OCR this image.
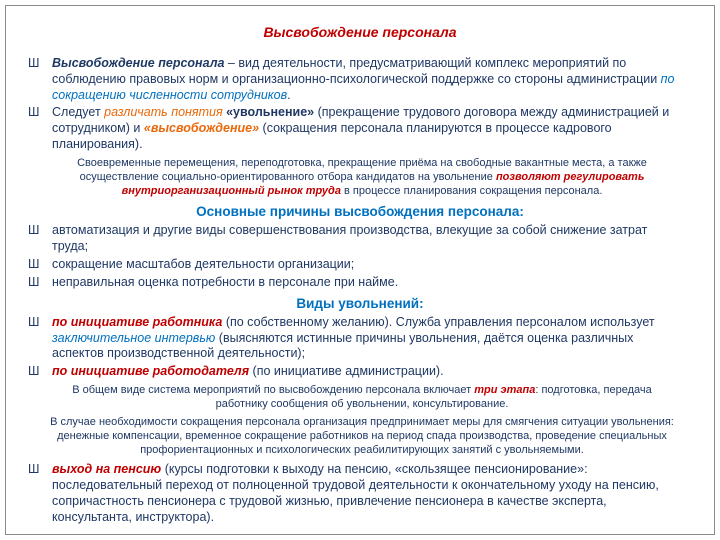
Высвобождение персонала
Ш	Высвобождение персонала – вид деятельности, предусматривающий комплекс мероприятий по соблюдению правовых норм и организационно-психологической поддержке со стороны администрации по сокращению численности сотрудников.
Ш	Следует различать понятия «увольнение» (прекращение трудового договора между администрацией и сотрудником) и «высвобождение» (сокращения персонала планируются в процессе кадрового планирования).
Своевременные перемещения, переподготовка, прекращение приёма на свободные вакантные места, а также осуществление социально-ориентированного отбора кандидатов на увольнение позволяют регулировать внутриорганизационный рынок труда в процессе планирования сокращения персонала.
Основные причины высвобождения персонала:
Ш	автоматизация и другие виды совершенствования производства, влекущие за собой снижение затрат труда;
Ш	сокращение масштабов деятельности организации;
Ш	неправильная оценка потребности в персонале при найме.
Виды увольнений:
Ш	по инициативе работника (по собственному желанию). Служба управления персоналом использует заключительное интервью (выясняются истинные причины увольнения, даётся оценка различных аспектов производственной деятельности);
Ш	по инициативе работодателя (по инициативе администрации).
В общем виде система мероприятий по высвобождению персонала включает три этапа: подготовка, передача работнику сообщения об увольнении, консультирование.
В случае необходимости сокращения персонала организация предпринимает меры для смягчения ситуации увольнения: денежные компенсации, временное сокращение работников на период спада производства, проведение специальных профориентационных и психологических реабилитирующих занятий с увольняемыми.
Ш	выход на пенсию (курсы подготовки к выходу на пенсию, «скользящее пенсионирование»: последовательный переход от полноценной трудовой деятельности к окончательному уходу на пенсию, сопричастность пенсионера с трудовой жизнью, привлечение пенсионера в качестве эксперта, консультанта, инструктора).
